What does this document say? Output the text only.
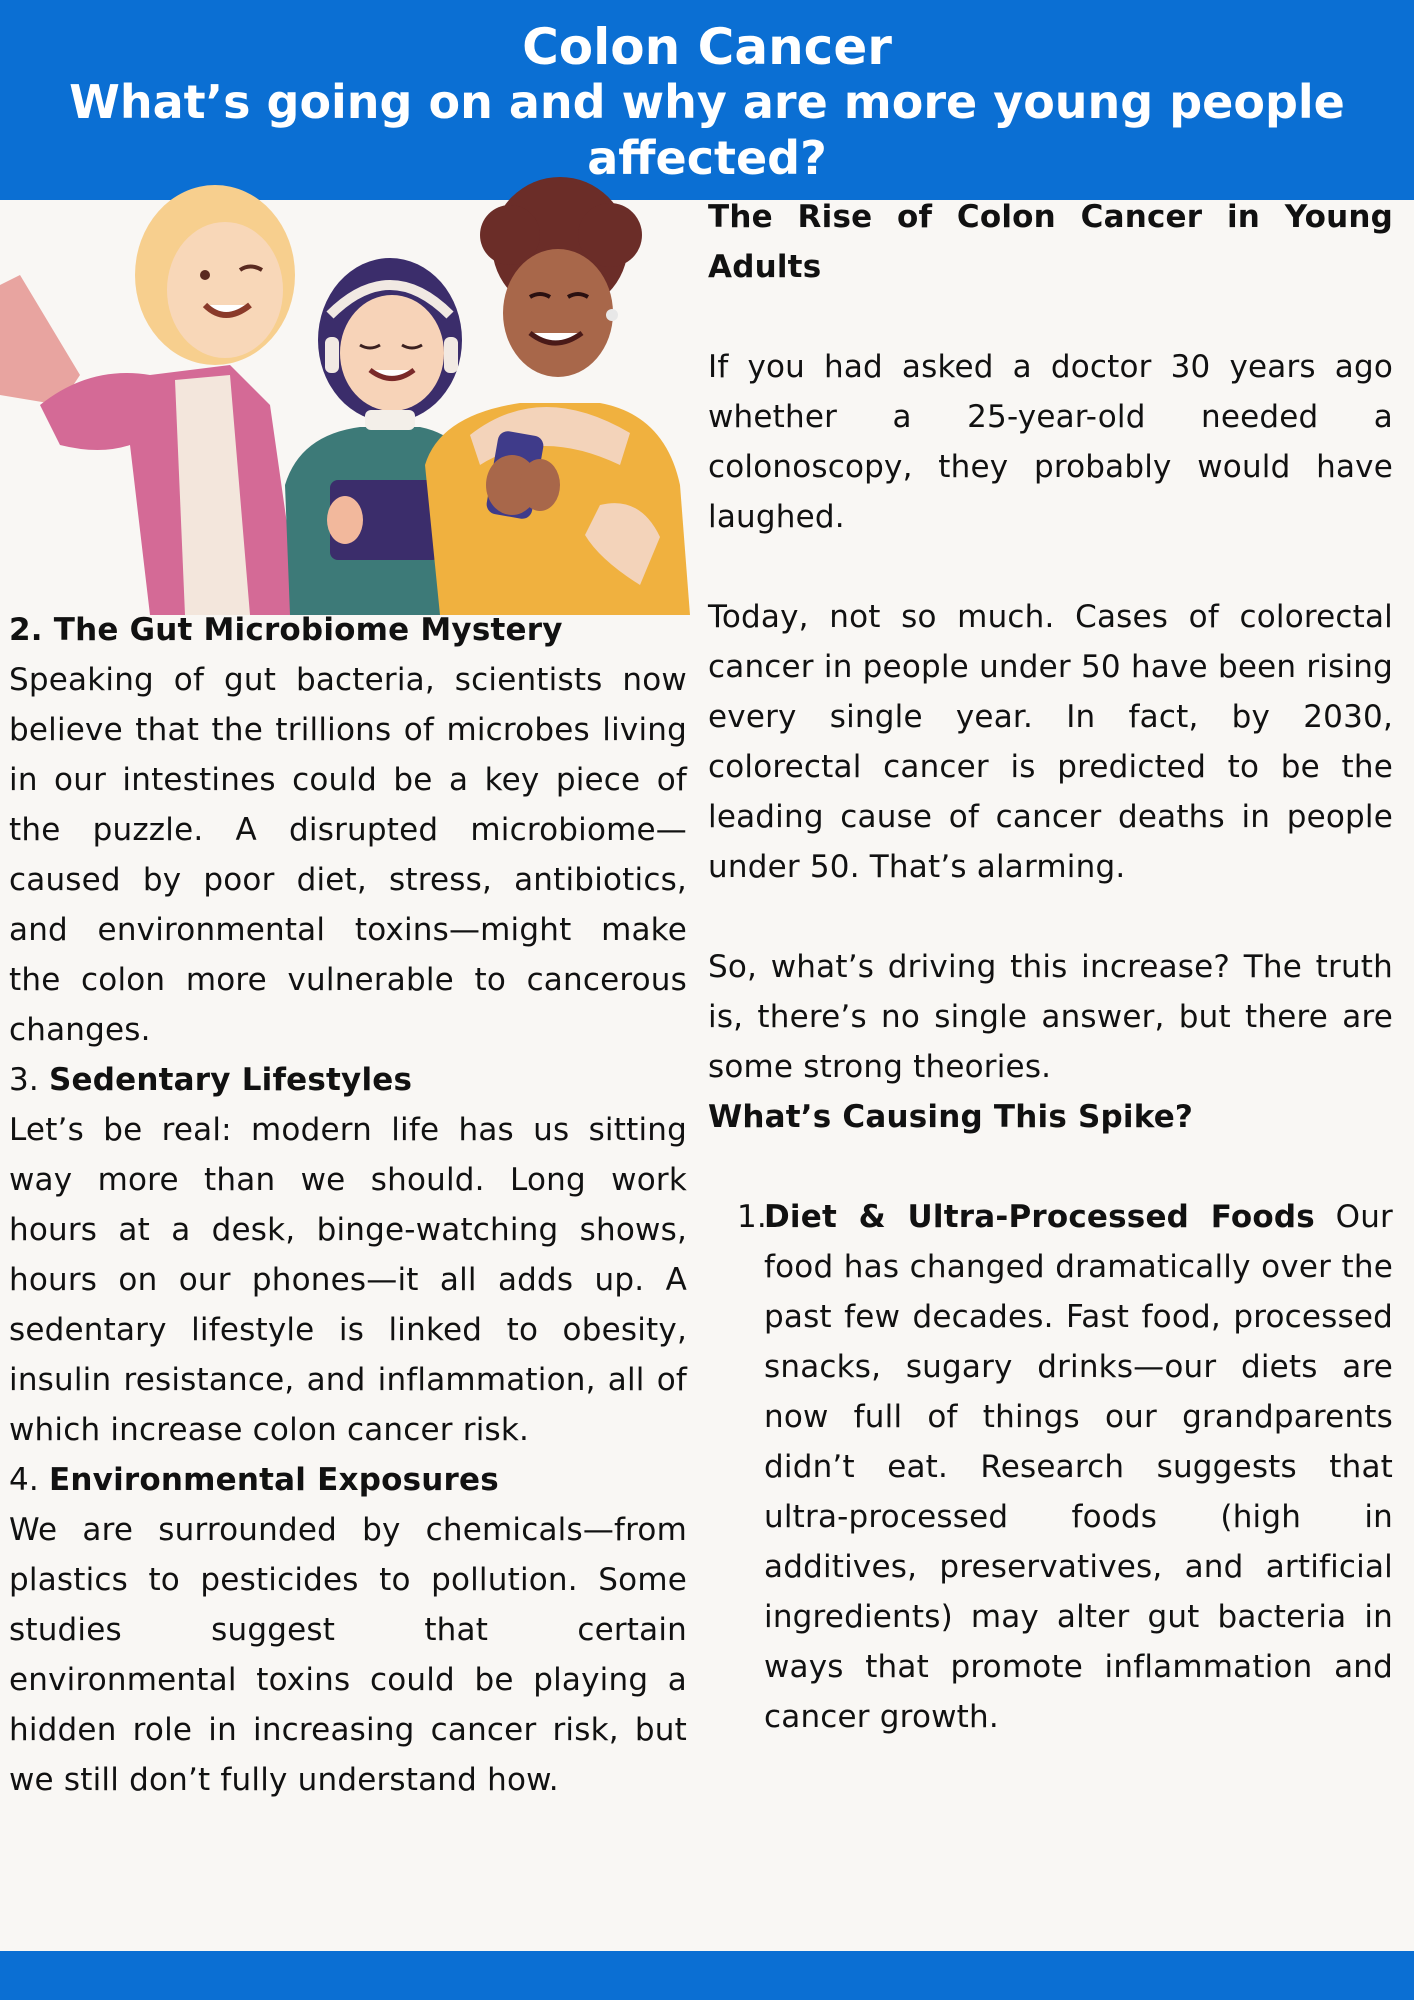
Colon Cancer

What’s going on and why are more young people affected?

The Rise of Colon Cancer in Young Adults

If you had asked a doctor 30 years ago whether a 25-year-old needed a colonoscopy, they probably would have laughed.

Today, not so much. Cases of colorectal cancer in people under 50 have been rising every single year. In fact, by 2030, colorectal cancer is predicted to be the leading cause of cancer deaths in people under 50. That’s alarming.

So, what’s driving this increase? The truth is, there’s no single answer, but there are some strong theories.

What’s Causing This Spike?

1.
Diet & Ultra-Processed Foods Our food has changed dramatically over the past few decades. Fast food, processed snacks, sugary drinks—our diets are now full of things our grandparents didn’t eat. Research suggests that ultra-processed foods (high in additives, preservatives, and artificial ingredients) may alter gut bacteria in ways that promote inflammation and cancer growth.

2. The Gut Microbiome Mystery

Speaking of gut bacteria, scientists now believe that the trillions of microbes living in our intestines could be a key piece of the puzzle. A disrupted microbiome—caused by poor diet, stress, antibiotics, and environmental toxins—might make the colon more vulnerable to cancerous changes.

3. Sedentary Lifestyles

Let’s be real: modern life has us sitting way more than we should. Long work hours at a desk, binge-watching shows, hours on our phones—it all adds up. A sedentary lifestyle is linked to obesity, insulin resistance, and inflammation, all of which increase colon cancer risk.

4. Environmental Exposures

We are surrounded by chemicals—from plastics to pesticides to pollution. Some studies suggest that certain environmental toxins could be playing a hidden role in increasing cancer risk, but we still don’t fully understand how.
